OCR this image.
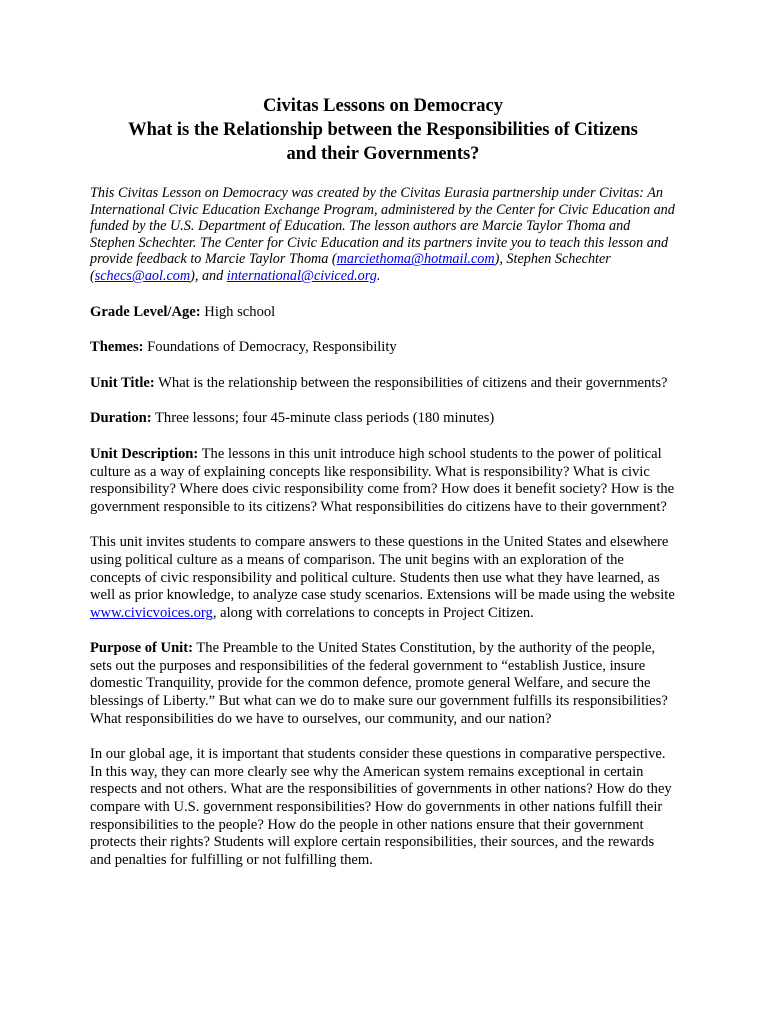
Civitas Lessons on Democracy
What is the Relationship between the Responsibilities of Citizens
and their Governments?

This Civitas Lesson on Democracy was created by the Civitas Eurasia partnership under Civitas: An International Civic Education Exchange Program, administered by the Center for Civic Education and funded by the U.S. Department of Education. The lesson authors are Marcie Taylor Thoma and Stephen Schechter. The Center for Civic Education and its partners invite you to teach this lesson and provide feedback to Marcie Taylor Thoma (marciethoma@hotmail.com), Stephen Schechter (schecs@aol.com), and international@civiced.org.

Grade Level/Age: High school

Themes: Foundations of Democracy, Responsibility

Unit Title: What is the relationship between the responsibilities of citizens and their governments?

Duration: Three lessons; four 45-minute class periods (180 minutes)

Unit Description: The lessons in this unit introduce high school students to the power of political culture as a way of explaining concepts like responsibility. What is responsibility? What is civic responsibility? Where does civic responsibility come from? How does it benefit society? How is the government responsible to its citizens? What responsibilities do citizens have to their government?

This unit invites students to compare answers to these questions in the United States and elsewhere using political culture as a means of comparison. The unit begins with an exploration of the concepts of civic responsibility and political culture. Students then use what they have learned, as well as prior knowledge, to analyze case study scenarios. Extensions will be made using the website www.civicvoices.org, along with correlations to concepts in Project Citizen.

Purpose of Unit: The Preamble to the United States Constitution, by the authority of the people, sets out the purposes and responsibilities of the federal government to “establish Justice, insure domestic Tranquility, provide for the common defence, promote general Welfare, and secure the blessings of Liberty.” But what can we do to make sure our government fulfills its responsibilities? What responsibilities do we have to ourselves, our community, and our nation?

In our global age, it is important that students consider these questions in comparative perspective. In this way, they can more clearly see why the American system remains exceptional in certain respects and not others. What are the responsibilities of governments in other nations? How do they compare with U.S. government responsibilities? How do governments in other nations fulfill their responsibilities to the people? How do the people in other nations ensure that their government protects their rights? Students will explore certain responsibilities, their sources, and the rewards and penalties for fulfilling or not fulfilling them.
